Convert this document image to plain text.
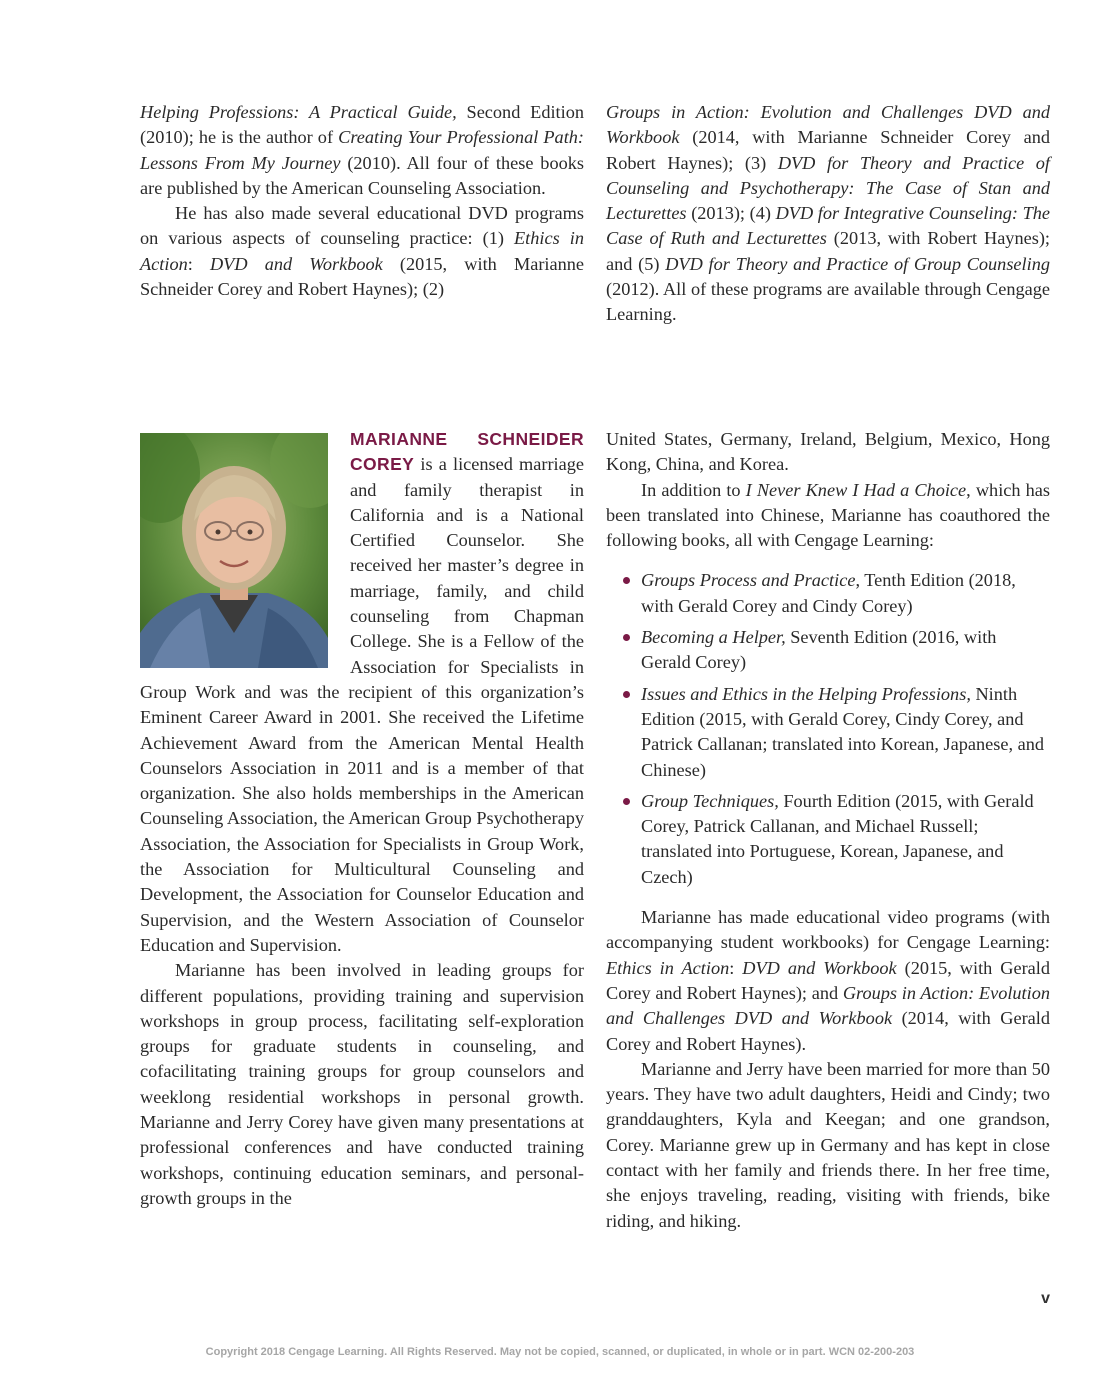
Helping Professions: A Practical Guide, Second Edition (2010); he is the author of Creating Your Professional Path: Lessons From My Journey (2010). All four of these books are published by the American Counseling Association.

He has also made several educational DVD programs on various aspects of counseling practice: (1) Ethics in Action: DVD and Workbook (2015, with Marianne Schneider Corey and Robert Haynes); (2)

Groups in Action: Evolution and Challenges DVD and Workbook (2014, with Marianne Schneider Corey and Robert Haynes); (3) DVD for Theory and Practice of Counseling and Psychotherapy: The Case of Stan and Lecturettes (2013); (4) DVD for Integrative Counseling: The Case of Ruth and Lecturettes (2013, with Robert Haynes); and (5) DVD for Theory and Practice of Group Counseling (2012). All of these programs are available through Cengage Learning.

MARIANNE SCHNEIDER COREY is a licensed marriage and family therapist in California and is a National Certified Counselor. She received her master’s degree in marriage, family, and child counseling from Chapman College. She is a Fellow of the Association for Specialists in Group Work and was the recipient of this organization’s Eminent Career Award in 2001. She received the Lifetime Achievement Award from the American Mental Health Counselors Association in 2011 and is a member of that organization. She also holds memberships in the American Counseling Association, the American Group Psychotherapy Association, the Association for Specialists in Group Work, the Association for Multicultural Counseling and Development, the Association for Counselor Education and Supervision, and the Western Association of Counselor Education and Supervision.

Marianne has been involved in leading groups for different populations, providing training and supervision workshops in group process, facilitating self-exploration groups for graduate students in counseling, and cofacilitating training groups for group counselors and weeklong residential workshops in personal growth. Marianne and Jerry Corey have given many presentations at professional conferences and have conducted training workshops, continuing education seminars, and personal-growth groups in the

United States, Germany, Ireland, Belgium, Mexico, Hong Kong, China, and Korea.

In addition to I Never Knew I Had a Choice, which has been translated into Chinese, Marianne has coauthored the following books, all with Cengage Learning:

Groups Process and Practice, Tenth Edition (2018, with Gerald Corey and Cindy Corey)
Becoming a Helper, Seventh Edition (2016, with Gerald Corey)
Issues and Ethics in the Helping Professions, Ninth Edition (2015, with Gerald Corey, Cindy Corey, and Patrick Callanan; translated into Korean, Japanese, and Chinese)
Group Techniques, Fourth Edition (2015, with Gerald Corey, Patrick Callanan, and Michael Russell; translated into Portuguese, Korean, Japanese, and Czech)

Marianne has made educational video programs (with accompanying student workbooks) for Cengage Learning: Ethics in Action: DVD and Workbook (2015, with Gerald Corey and Robert Haynes); and Groups in Action: Evolution and Challenges DVD and Workbook (2014, with Gerald Corey and Robert Haynes).

Marianne and Jerry have been married for more than 50 years. They have two adult daughters, Heidi and Cindy; two granddaughters, Kyla and Keegan; and one grandson, Corey. Marianne grew up in Germany and has kept in close contact with her family and friends there. In her free time, she enjoys traveling, reading, visiting with friends, bike riding, and hiking.

v
Copyright 2018 Cengage Learning. All Rights Reserved. May not be copied, scanned, or duplicated, in whole or in part. WCN 02-200-203
